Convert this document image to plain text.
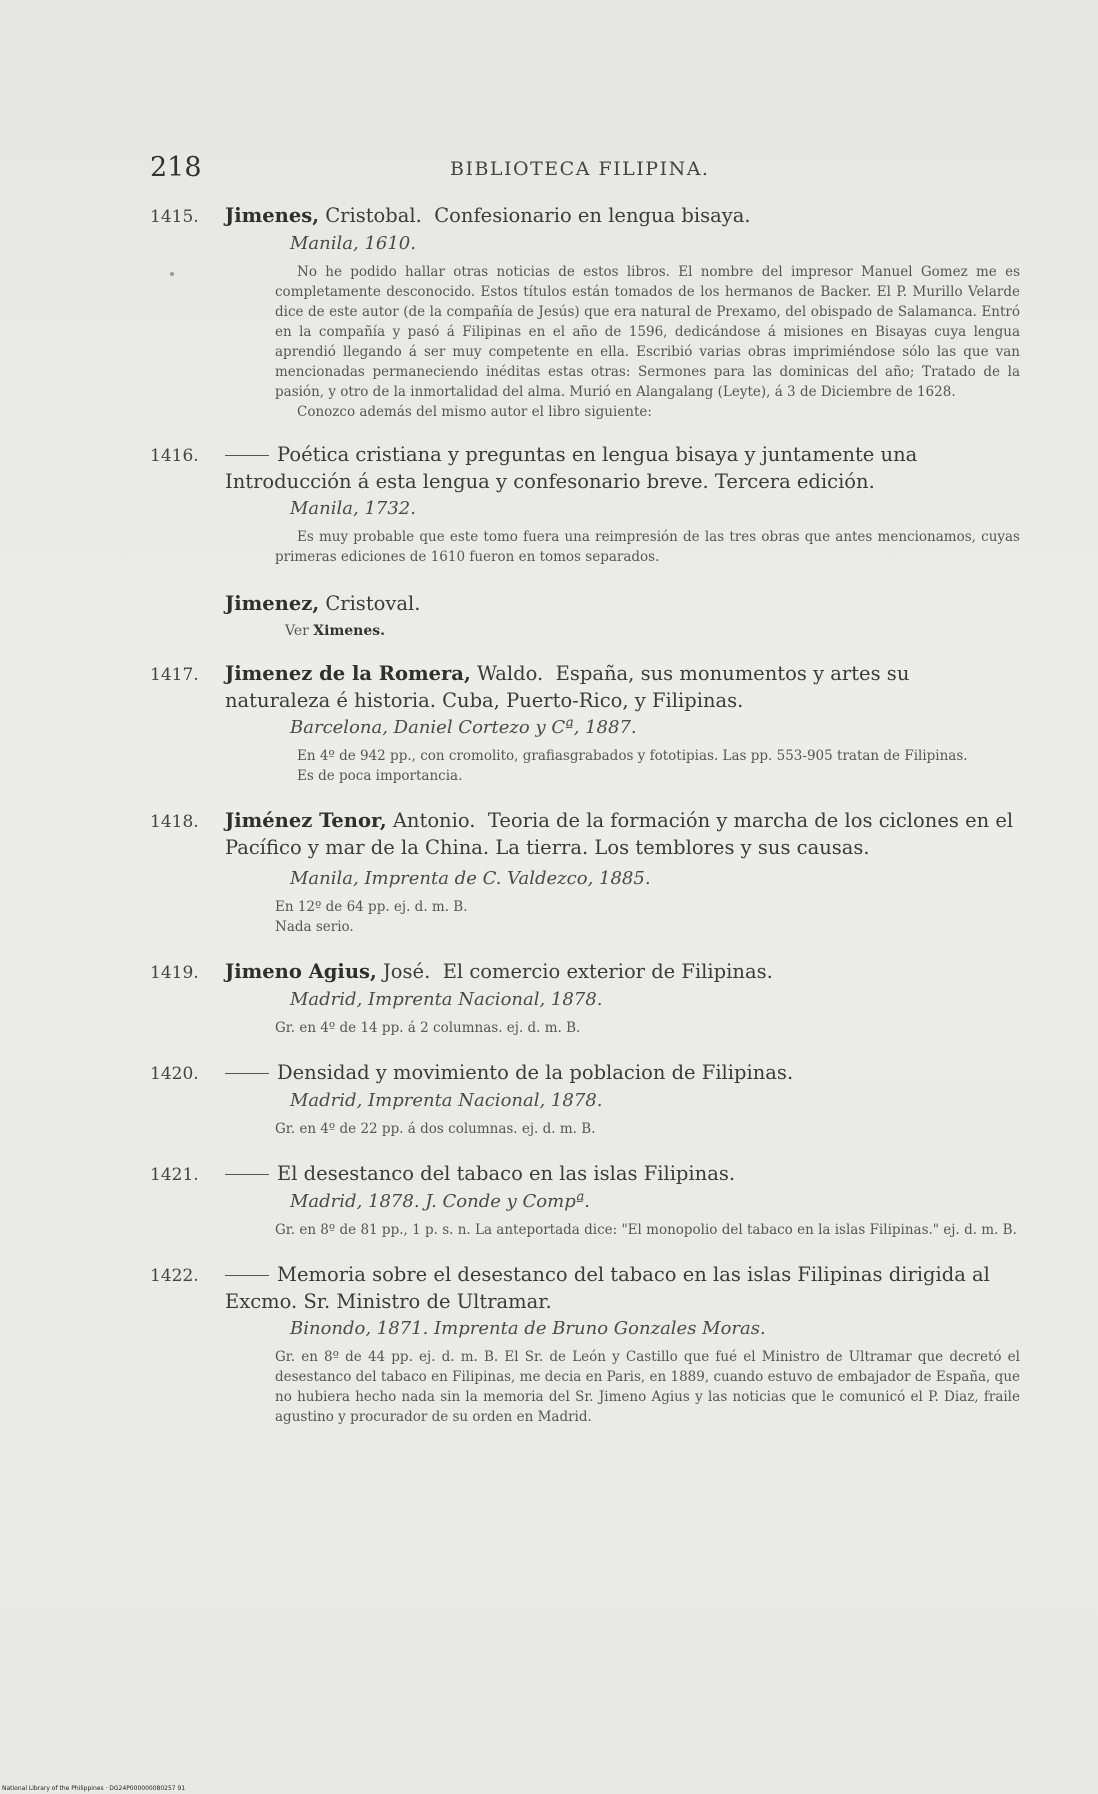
218	BIBLIOTECA FILIPINA.
1415. Jimenes, Cristobal. Confesionario en lengua bisaya.
Manila, 1610.

No he podido hallar otras noticias de estos libros. El nombre del impresor Manuel Gomez me es completamente desconocido. Estos títulos están tomados de los hermanos de Backer. El P. Murillo Velarde dice de este autor (de la compañía de Jesús) que era natural de Prexamo, del obispado de Salamanca. Entró en la compañía y pasó á Filipinas en el año de 1596, dedicándose á misiones en Bisayas cuya lengua aprendió llegando á ser muy competente en ella. Escribió varias obras imprimiéndose sólo las que van mencionadas permaneciendo inéditas estas otras: Sermones para las dominicas del año; Tratado de la pasión, y otro de la inmortalidad del alma. Murió en Alangalang (Leyte), á 3 de Diciembre de 1628.

Conozco además del mismo autor el libro siguiente:

1416.	Poética cristiana y preguntas en lengua bisaya y juntamente una Introducción á esta lengua y confesonario breve. Tercera edición.
Manila, 1732.

Es muy probable que este tomo fuera una reimpresión de las tres obras que antes mencionamos, cuyas primeras ediciones de 1610 fueron en tomos separados.

Jimenez, Cristoval.
Ver Ximenes.
1417. Jimenez de la Romera, Waldo. España, sus monumentos y artes su naturaleza é historia. Cuba, Puerto-Rico, y Filipinas.
Barcelona, Daniel Cortezo y Cª, 1887.

En 4º de 942 pp., con cromolito, grafiasgrabados y fototipias. Las pp. 553-905 tratan de Filipinas.

Es de poca importancia.

1418. Jiménez Tenor, Antonio. Teoria de la formación y marcha de los ciclones en el Pacífico y mar de la China. La tierra. Los temblores y sus causas.
Manila, Imprenta de C. Valdezco, 1885.

En 12º de 64 pp. ej. d. m. B.

Nada serio.

1419. Jimeno Agius, José. El comercio exterior de Filipinas.
Madrid, Imprenta Nacional, 1878.

Gr. en 4º de 14 pp. á 2 columnas. ej. d. m. B.

1420.	Densidad y movimiento de la poblacion de Filipinas.
Madrid, Imprenta Nacional, 1878.

Gr. en 4º de 22 pp. á dos columnas. ej. d. m. B.

1421.	El desestanco del tabaco en las islas Filipinas.
Madrid, 1878. J. Conde y Compª.

Gr. en 8º de 81 pp., 1 p. s. n. La anteportada dice: "El monopolio del tabaco en la islas Filipinas." ej. d. m. B.

1422.	Memoria sobre el desestanco del tabaco en las islas Filipinas dirigida al Excmo. Sr. Ministro de Ultramar.
Binondo, 1871. Imprenta de Bruno Gonzales Moras.

Gr. en 8º de 44 pp. ej. d. m. B. El Sr. de León y Castillo que fué el Ministro de Ultramar que decretó el desestanco del tabaco en Filipinas, me decia en Paris, en 1889, cuando estuvo de embajador de España, que no hubiera hecho nada sin la memoria del Sr. Jimeno Agius y las noticias que le comunicó el P. Diaz, fraile agustino y procurador de su orden en Madrid.

National Library of the Philippines · DG24P000000080257 91
